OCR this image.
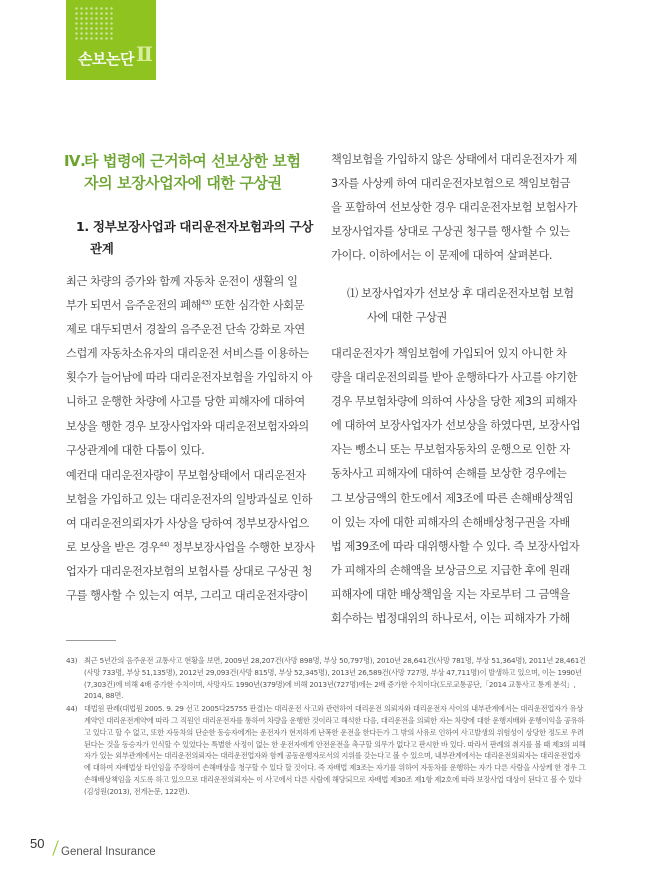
손보논단 Ⅱ
Ⅳ.타 법령에 근거하여 선보상한 보험
자의 보장사업자에 대한 구상권
1. 정부보장사업과 대리운전자보험과의 구상
관계

최근 차량의 증가와 함께 자동차 운전이 생활의 일
부가 되면서 음주운전의 폐해$^{43)}$ 또한 심각한 사회문
제로 대두되면서 경찰의 음주운전 단속 강화로 자연
스럽게 자동차소유자의 대리운전 서비스를 이용하는
횟수가 늘어남에 따라 대리운전자보험을 가입하지 아
니하고 운행한 차량에 사고를 당한 피해자에 대하여
보상을 행한 경우 보장사업자와 대리운전보험자와의
구상관계에 대한 다툼이 있다.

예컨대 대리운전자량이 무보험상태에서 대리운전자
보험을 가입하고 있는 대리운전자의 일방과실로 인하
여 대리운전의뢰자가 사상을 당하여 정부보장사업으
로 보상을 받은 경우$^{44)}$ 정부보장사업을 수행한 보장사
업자가 대리운전자보험의 보험사를 상대로 구상권 청
구를 행사할 수 있는지 여부, 그리고 대리운전자량이

책임보험을 가입하지 않은 상태에서 대리운전자가 제
3자를 사상케 하여 대리운전자보험으로 책임보험금
을 포함하여 선보상한 경우 대리운전자보험 보험사가
보장사업자를 상대로 구상권 청구를 행사할 수 있는
가이다. 이하에서는 이 문제에 대하여 살펴본다.

⑴ 보장사업자가 선보상 후 대리운전자보험 보험
사에 대한 구상권

대리운전자가 책임보험에 가입되어 있지 아니한 차
량을 대리운전의뢰를 받아 운행하다가 사고를 야기한
경우 무보험차량에 의하여 사상을 당한 제3의 피해자
에 대하여 보장사업자가 선보상을 하였다면, 보장사업
자는 뺑소니 또는 무보험자동차의 운행으로 인한 자
동차사고 피해자에 대하여 손해를 보상한 경우에는
그 보상금액의 한도에서 제3조에 따른 손해배상책임
이 있는 자에 대한 피해자의 손해배상청구권을 자배
법 제39조에 따라 대위행사할 수 있다. 즉 보장사업자
가 피해자의 손해액을 보상금으로 지급한 후에 원래
피해자에 대한 배상책임을 지는 자로부터 그 금액을
회수하는 법정대위의 하나로서, 이는 피해자가 가해

43) 최근 5년간의 음주운전 교통사고 현황을 보면, 2009년 28,207건(사망 898명, 부상 50,797명), 2010년 28,641건(사망 781명, 부상 51,364명), 2011년 28,461건(사망 733명, 부상 51,135명), 2012년 29,093건(사망 815명, 부상 52,345명), 2013년 26,589건(사망 727명, 부상 47,711명)이 발생하고 있으며, 이는 1990년(7,303건)에 비해 4배 증가한 수치이며, 사망자도 1990년(379명)에 비해 2013년(727명)에는 2배 증가한 수치이다(도로교통공단,「2014 교통사고 통계 분석」, 2014, 88면.
44) 대법원 판례(대법원 2005. 9. 29 선고 2005다25755 판결)는 대리운전 사고와 관련하여 대리운전 의뢰자와 대리운전자 사이의 내부관계에서는 대리운전업자가 유상계약인 대리운전계약에 따라 그 직원인 대리운전자를 통하여 차량을 운행한 것이라고 해석한 다음, 대리운전을 의뢰한 자는 차량에 대한 운행지배와 운행이익을 공유하고 있다고 할 수 없고, 또한 자동차의 단순한 동승자에게는 운전자가 현저하게 난폭한 운전을 한다든가 그 밖의 사유로 인하여 사고발생의 위험성이 상당한 정도로 우려된다는 것을 동승자가 인식할 수 있었다는 특별한 사정이 없는 한 운전자에게 안전운전을 촉구할 의무가 없다고 판시한 바 있다. 따라서 판례의 취지를 볼 때 제3의 피해자가 있는 외부관계에서는 대리운전의뢰자는 대리운전업자와 함께 공동운행자로서의 지위를 갖는다고 볼 수 있으며, 내부관계에서는 대리운전의뢰자는 대리운전업자에 대하여 자배법상 타인임을 주장하여 손해배상을 청구할 수 있다 할 것이다. 즉 자배법 제3조는 자기를 위하여 자동차를 운행하는 자가 다른 사람을 사상케 한 경우 그 손해배상책임을 지도록 하고 있으므로 대리운전의뢰자는 이 사고에서 다른 사람에 해당되므로 자배법 제30조 제1항 제2호에 따라 보장사업 대상이 된다고 볼 수 있다(김성원(2013), 전게논문, 122면).
50
General Insurance
